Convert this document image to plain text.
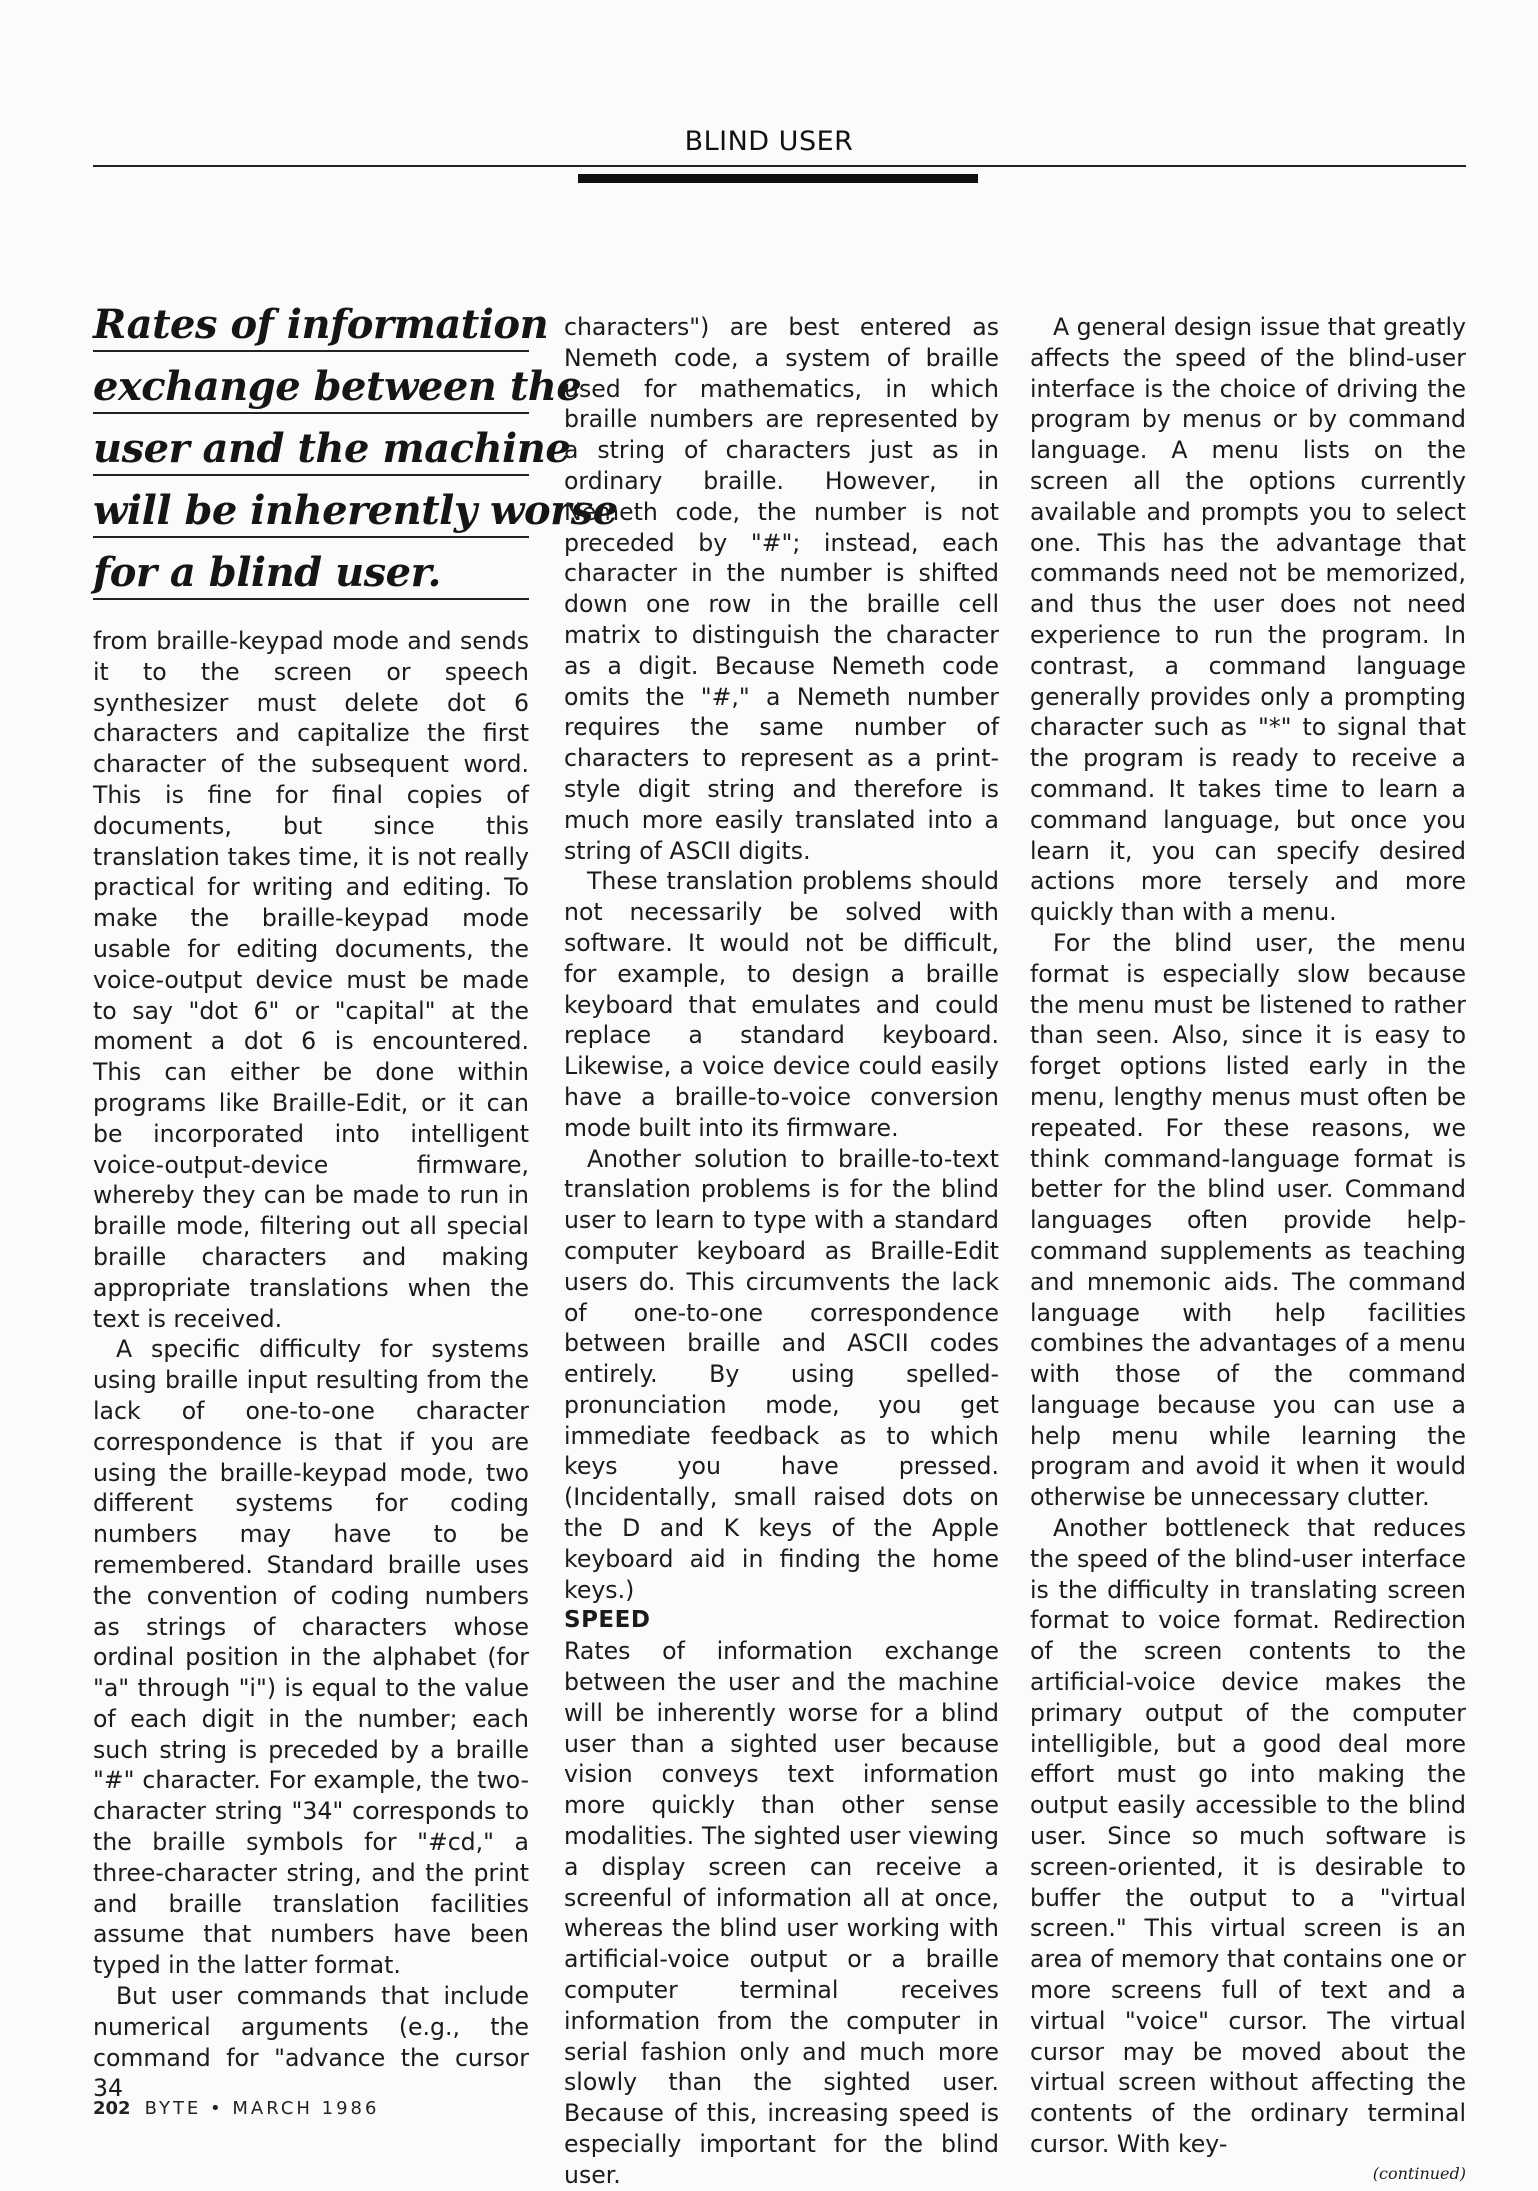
BLIND USER
Rates of information
exchange between the
user and the machine
will be inherently worse
for a blind user.

from braille-keypad mode and sends it to the screen or speech synthesizer must delete dot 6 characters and capitalize the first character of the subsequent word. This is fine for final copies of documents, but since this translation takes time, it is not really practical for writing and editing. To make the braille-keypad mode usable for editing documents, the voice-output device must be made to say "dot 6" or "capital" at the moment a dot 6 is encountered. This can either be done within programs like Braille-Edit, or it can be incorporated into intelligent voice-output-device firmware, whereby they can be made to run in braille mode, filtering out all special braille characters and making appropriate translations when the text is received.

A specific difficulty for systems using braille input resulting from the lack of one-to-one character correspondence is that if you are using the braille-keypad mode, two different systems for coding numbers may have to be remembered. Standard braille uses the convention of coding numbers as strings of characters whose ordinal position in the alphabet (for "a" through "i") is equal to the value of each digit in the number; each such string is preceded by a braille "#" character. For example, the two-character string "34" corresponds to the braille symbols for "#cd," a three-character string, and the print and braille translation facilities assume that numbers have been typed in the latter format.

But user commands that include numerical arguments (e.g., the command for "advance the cursor 34

characters") are best entered as Nemeth code, a system of braille used for mathematics, in which braille numbers are represented by a string of characters just as in ordinary braille. However, in Nemeth code, the number is not preceded by "#"; instead, each character in the number is shifted down one row in the braille cell matrix to distinguish the character as a digit. Because Nemeth code omits the "#," a Nemeth number requires the same number of characters to represent as a print-style digit string and therefore is much more easily translated into a string of ASCII digits.

These translation problems should not necessarily be solved with software. It would not be difficult, for example, to design a braille keyboard that emulates and could replace a standard keyboard. Likewise, a voice device could easily have a braille-to-voice conversion mode built into its firmware.

Another solution to braille-to-text translation problems is for the blind user to learn to type with a standard computer keyboard as Braille-Edit users do. This circumvents the lack of one-to-one correspondence between braille and ASCII codes entirely. By using spelled-pronunciation mode, you get immediate feedback as to which keys you have pressed. (Incidentally, small raised dots on the D and K keys of the Apple keyboard aid in finding the home keys.)

SPEED

Rates of information exchange between the user and the machine will be inherently worse for a blind user than a sighted user because vision conveys text information more quickly than other sense modalities. The sighted user viewing a display screen can receive a screenful of information all at once, whereas the blind user working with artificial-voice output or a braille computer terminal receives information from the computer in serial fashion only and much more slowly than the sighted user. Because of this, increasing speed is especially important for the blind user.

A general design issue that greatly affects the speed of the blind-user interface is the choice of driving the program by menus or by command language. A menu lists on the screen all the options currently available and prompts you to select one. This has the advantage that commands need not be memorized, and thus the user does not need experience to run the program. In contrast, a command language generally provides only a prompting character such as "*" to signal that the program is ready to receive a command. It takes time to learn a command language, but once you learn it, you can specify desired actions more tersely and more quickly than with a menu.

For the blind user, the menu format is especially slow because the menu must be listened to rather than seen. Also, since it is easy to forget options listed early in the menu, lengthy menus must often be repeated. For these reasons, we think command-language format is better for the blind user. Command languages often provide help-command supplements as teaching and mnemonic aids. The command language with help facilities combines the advantages of a menu with those of the command language because you can use a help menu while learning the program and avoid it when it would otherwise be unnecessary clutter.

Another bottleneck that reduces the speed of the blind-user interface is the difficulty in translating screen format to voice format. Redirection of the screen contents to the artificial-voice device makes the primary output of the computer intelligible, but a good deal more effort must go into making the output easily accessible to the blind user. Since so much software is screen-oriented, it is desirable to buffer the output to a "virtual screen." This virtual screen is an area of memory that contains one or more screens full of text and a virtual "voice" cursor. The virtual cursor may be moved about the virtual screen without affecting the contents of the ordinary terminal cursor. With key-

(continued)
202 BYTE • MARCH 1986
